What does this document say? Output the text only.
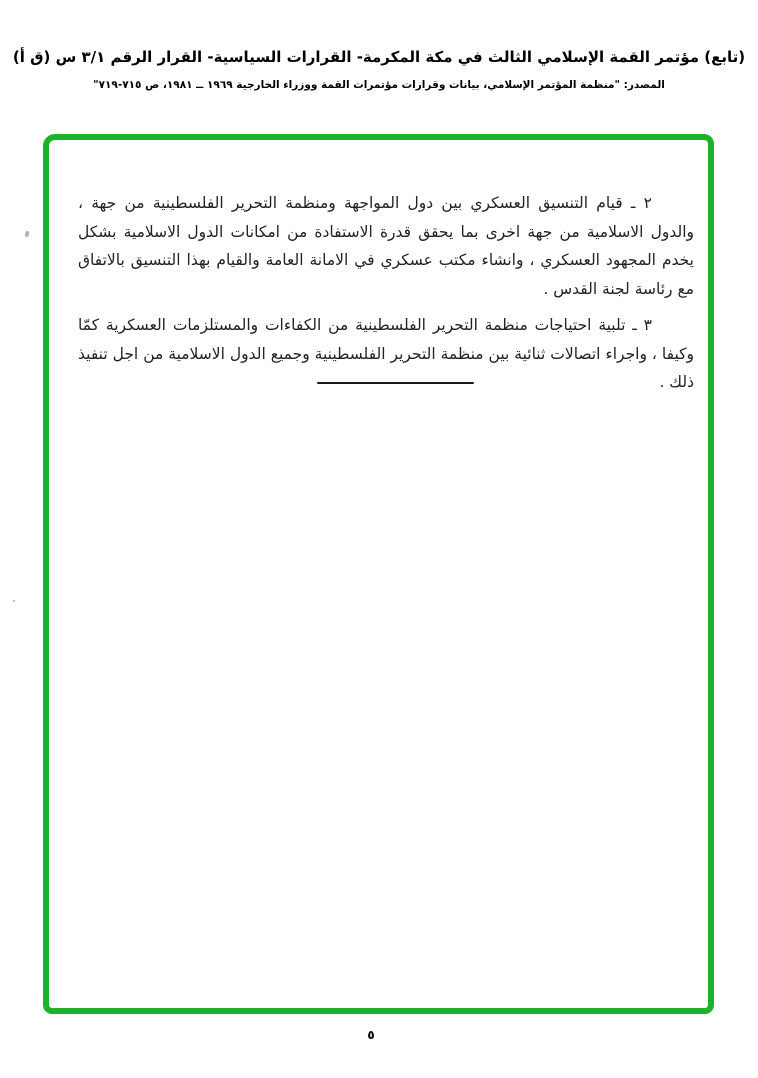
(تابع) مؤتمر القمة الإسلامي الثالث في مكة المكرمة- القرارات السياسية- القرار الرقم ٣/١ س (ق أ)
المصدر: "منظمة المؤتمر الإسلامي، بيانات وقرارات مؤتمرات القمة ووزراء الخارجية ١٩٦٩ ــ ١٩٨١، ص ٧١٥-٧١٩"

٢ ـ قيام التنسيق العسكري بين دول المواجهة ومنظمة التحرير الفلسطينية من جهة ، والدول الاسلامية من جهة اخرى بما يحقق قدرة الاستفادة من امكانات الدول الاسلامية بشكل يخدم المجهود العسكري ، وانشاء مكتب عسكري في الامانة العامة والقيام بهذا التنسيق بالاتفاق مع رئاسة لجنة القدس .

٣ ـ تلبية احتياجات منظمة التحرير الفلسطينية من الكفاءات والمستلزمات العسكرية كمّا وكيفا ، واجراء اتصالات ثنائية بين منظمة التحرير الفلسطينية وجميع الدول الاسلامية من اجل تنفيذ ذلك .

٥
